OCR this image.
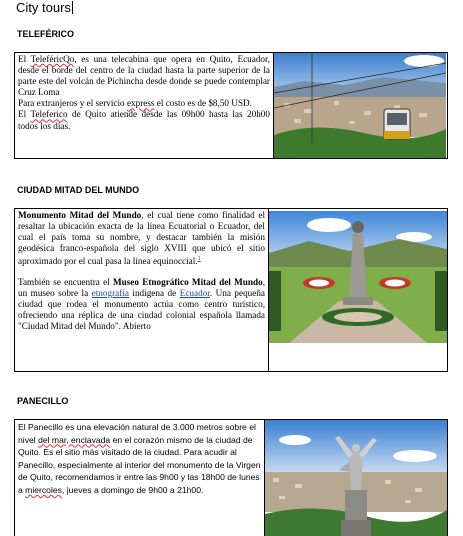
City tours
TELEFÉRICO

El TeleféricQo, es una telecabina que opera en Quito, Ecuador, desde el borde del centro de la ciudad hasta la parte superior de la parte este del volcán de Pichincha desde donde se puede contemplar Cruz Loma

Para extranjeros y el servicio express el costo es de $8,50 USD.

El Teleferico de Quito atiende desde las 09h00 hasta las 20h00 todos los días.

CIUDAD MITAD DEL MUNDO

Monumento Mitad del Mundo, el cual tiene como finalidad el resaltar la ubicación exacta de la línea Ecuatorial o Ecuador, del cual el país toma su nombre, y destacar también la misión geodésica franco-española del siglo XVIII que ubicó el sitio aproximado por el cual pasa la línea equinoccial.$^1$

También se encuentra el Museo Etnográfico Mitad del Mundo, un museo sobre la etnografía indígena de Ecuador. Una pequeña ciudad que rodea el monumento actúa como centro turístico, ofreciendo una réplica de una ciudad colonial española llamada "Ciudad Mitad del Mundo". Abierto

PANECILLO

El Panecillo es una elevación natural de 3.000 metros sobre el nivel del mar, enclavada en el corazón mismo de la ciudad de Quito. Es el sitio más visitado de la ciudad. Para acudir al Panecillo, especialmente al interior del monumento de la Virgen de Quito, recomendamos ir entre las 9h00 y las 18h00 de lunes a miercoles, jueves a domingo de 9h00 a 21h00.
